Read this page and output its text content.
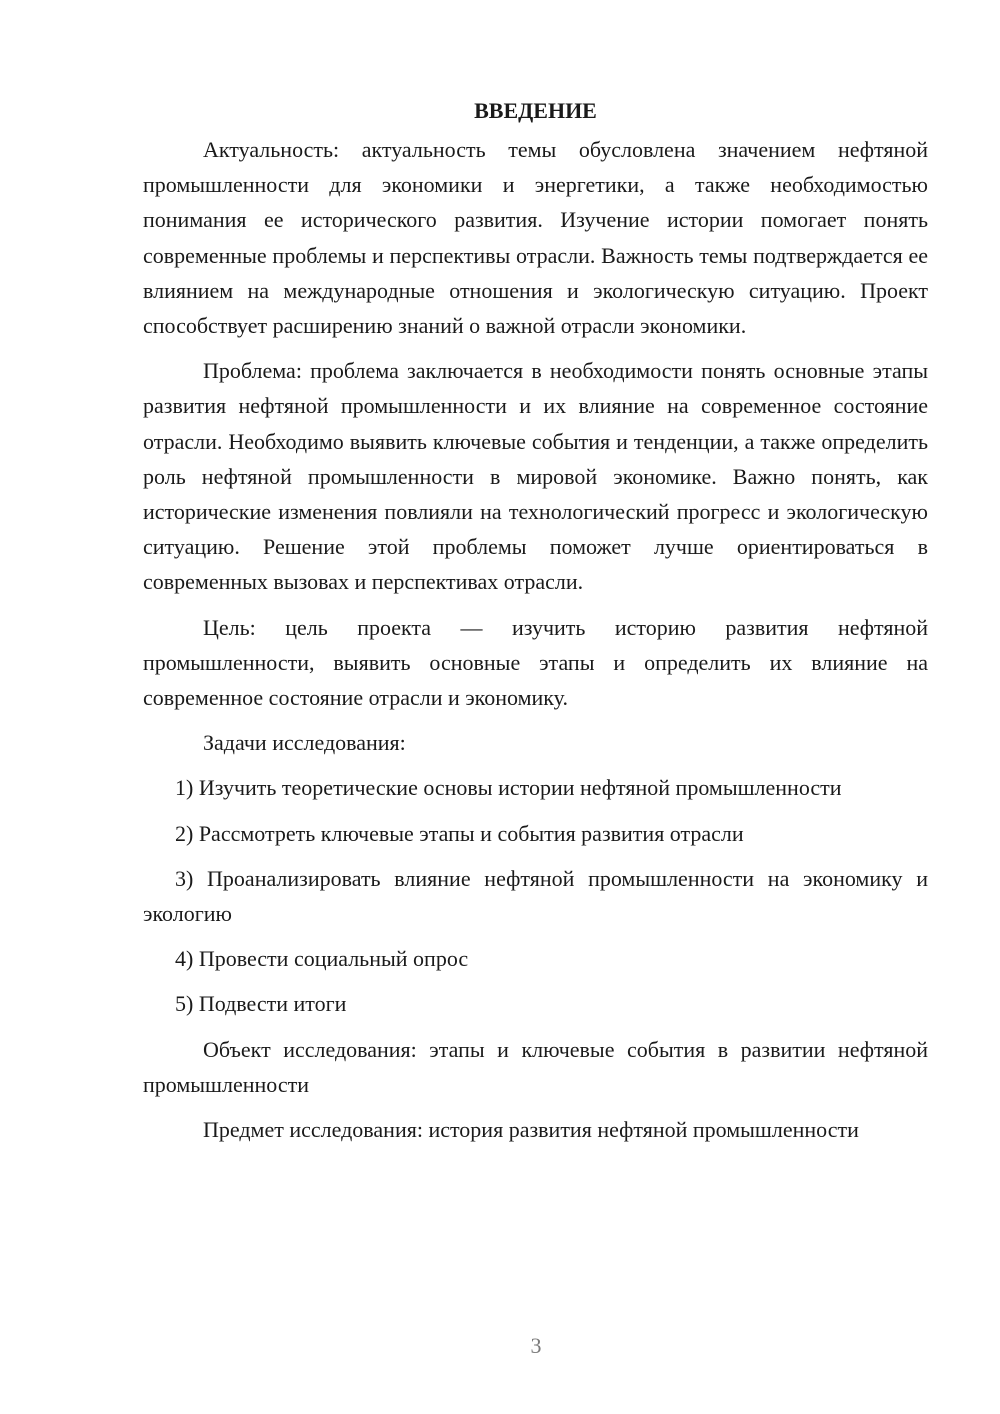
ВВЕДЕНИЕ

Актуальность: актуальность темы обусловлена значением нефтяной промышленности для экономики и энергетики, а также необходимостью понимания ее исторического развития. Изучение истории помогает понять современные проблемы и перспективы отрасли. Важность темы подтверждается ее влиянием на международные отношения и экологическую ситуацию. Проект способствует расширению знаний о важной отрасли экономики.

Проблема: проблема заключается в необходимости понять основные этапы развития нефтяной промышленности и их влияние на современное состояние отрасли. Необходимо выявить ключевые события и тенденции, а также определить роль нефтяной промышленности в мировой экономике. Важно понять, как исторические изменения повлияли на технологический прогресс и экологическую ситуацию. Решение этой проблемы поможет лучше ориентироваться в современных вызовах и перспективах отрасли.

Цель: цель проекта — изучить историю развития нефтяной промышленности, выявить основные этапы и определить их влияние на современное состояние отрасли и экономику.

Задачи исследования:

1) Изучить теоретические основы истории нефтяной промышленности

2) Рассмотреть ключевые этапы и события развития отрасли

3) Проанализировать влияние нефтяной промышленности на экономику и экологию

4) Провести социальный опрос

5) Подвести итоги

Объект исследования: этапы и ключевые события в развитии нефтяной промышленности

Предмет исследования: история развития нефтяной промышленности

3
